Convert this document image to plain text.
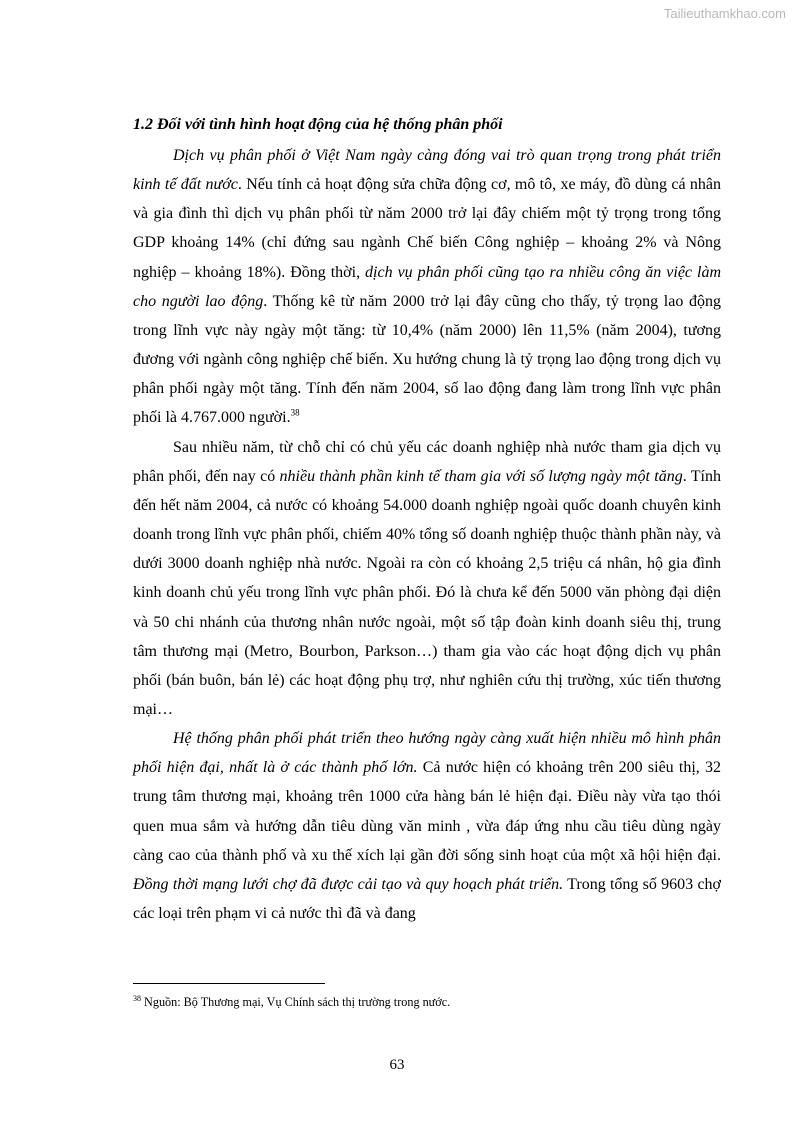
Tailieuthamkhao.com
1.2 Đối với tình hình hoạt động của hệ thống phân phối

Dịch vụ phân phối ở Việt Nam ngày càng đóng vai trò quan trọng trong phát triển kinh tế đất nước. Nếu tính cả hoạt động sửa chữa động cơ, mô tô, xe máy, đồ dùng cá nhân và gia đình thì dịch vụ phân phối từ năm 2000 trở lại đây chiếm một tỷ trọng trong tổng GDP khoảng 14% (chỉ đứng sau ngành Chế biến Công nghiệp – khoảng 2% và Nông nghiệp – khoảng 18%). Đồng thời, dịch vụ phân phối cũng tạo ra nhiều công ăn việc làm cho người lao động. Thống kê từ năm 2000 trở lại đây cũng cho thấy, tỷ trọng lao động trong lĩnh vực này ngày một tăng: từ 10,4% (năm 2000) lên 11,5% (năm 2004), tương đương với ngành công nghiệp chế biến. Xu hướng chung là tỷ trọng lao động trong dịch vụ phân phối ngày một tăng. Tính đến năm 2004, số lao động đang làm trong lĩnh vực phân phối là 4.767.000 người.$^{38}$

Sau nhiều năm, từ chỗ chỉ có chủ yếu các doanh nghiệp nhà nước tham gia dịch vụ phân phối, đến nay có nhiều thành phần kinh tế tham gia với số lượng ngày một tăng. Tính đến hết năm 2004, cả nước có khoảng 54.000 doanh nghiệp ngoài quốc doanh chuyên kinh doanh trong lĩnh vực phân phối, chiếm 40% tổng số doanh nghiệp thuộc thành phần này, và dưới 3000 doanh nghiệp nhà nước. Ngoài ra còn có khoảng 2,5 triệu cá nhân, hộ gia đình kinh doanh chủ yếu trong lĩnh vực phân phối. Đó là chưa kể đến 5000 văn phòng đại diện và 50 chi nhánh của thương nhân nước ngoài, một số tập đoàn kinh doanh siêu thị, trung tâm thương mại (Metro, Bourbon, Parkson…) tham gia vào các hoạt động dịch vụ phân phối (bán buôn, bán lẻ) các hoạt động phụ trợ, như nghiên cứu thị trường, xúc tiến thương mại…

Hệ thống phân phối phát triển theo hướng ngày càng xuất hiện nhiều mô hình phân phối hiện đại, nhất là ở các thành phố lớn. Cả nước hiện có khoảng trên 200 siêu thị, 32 trung tâm thương mại, khoảng trên 1000 cửa hàng bán lẻ hiện đại. Điều này vừa tạo thói quen mua sắm và hướng dẫn tiêu dùng văn minh , vừa đáp ứng nhu cầu tiêu dùng ngày càng cao của thành phố và xu thế xích lại gần đời sống sinh hoạt của một xã hội hiện đại. Đồng thời mạng lưới chợ đã được cải tạo và quy hoạch phát triển. Trong tổng số 9603 chợ các loại trên phạm vi cả nước thì đã và đang

$^{38}$ Nguồn: Bộ Thương mại, Vụ Chính sách thị trường trong nước.
63
